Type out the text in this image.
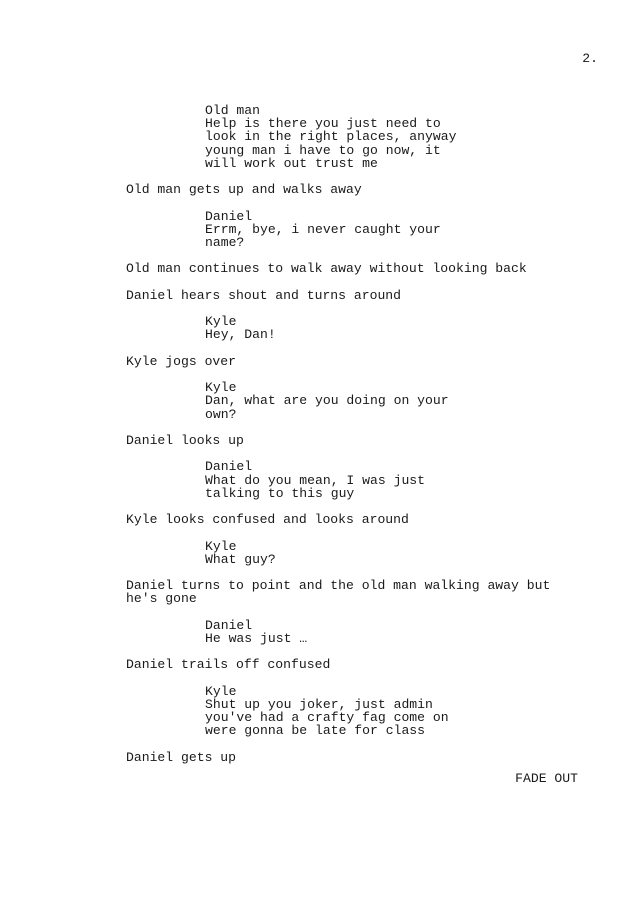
2.
Old man
Help is there you just need to
look in the right places, anyway
young man i have to go now, it
will work out trust me
Old man gets up and walks away
Daniel
Errm, bye, i never caught your
name?
Old man continues to walk away without looking back
Daniel hears shout and turns around
Kyle
Hey, Dan!
Kyle jogs over
Kyle
Dan, what are you doing on your
own?
Daniel looks up
Daniel
What do you mean, I was just
talking to this guy
Kyle looks confused and looks around
Kyle
What guy?
Daniel turns to point and the old man walking away but
he's gone
Daniel
He was just …
Daniel trails off confused
Kyle
Shut up you joker, just admin
you've had a crafty fag come on
were gonna be late for class
Daniel gets up
FADE OUT
